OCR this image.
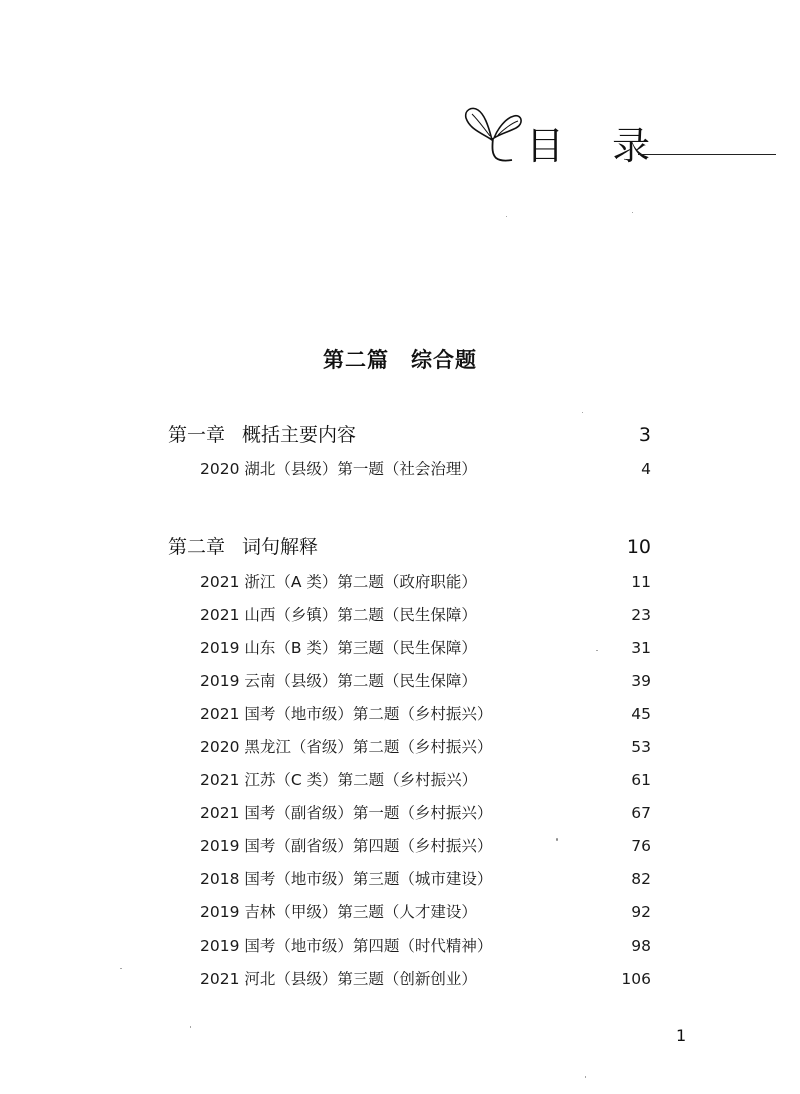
目 录
第二篇　综合题
第一章 概括主要内容	3
2020 湖北（县级）第一题（社会治理）	4
第二章 词句解释	10
2021 浙江（A 类）第二题（政府职能）	11
2021 山西（乡镇）第二题（民生保障）	23
2019 山东（B 类）第三题（民生保障）	31
2019 云南（县级）第二题（民生保障）	39
2021 国考（地市级）第二题（乡村振兴）	45
2020 黑龙江（省级）第二题（乡村振兴）	53
2021 江苏（C 类）第二题（乡村振兴）	61
2021 国考（副省级）第一题（乡村振兴）	67
2019 国考（副省级）第四题（乡村振兴）	76
2018 国考（地市级）第三题（城市建设）	82
2019 吉林（甲级）第三题（人才建设）	92
2019 国考（地市级）第四题（时代精神）	98
2021 河北（县级）第三题（创新创业）	106
1
